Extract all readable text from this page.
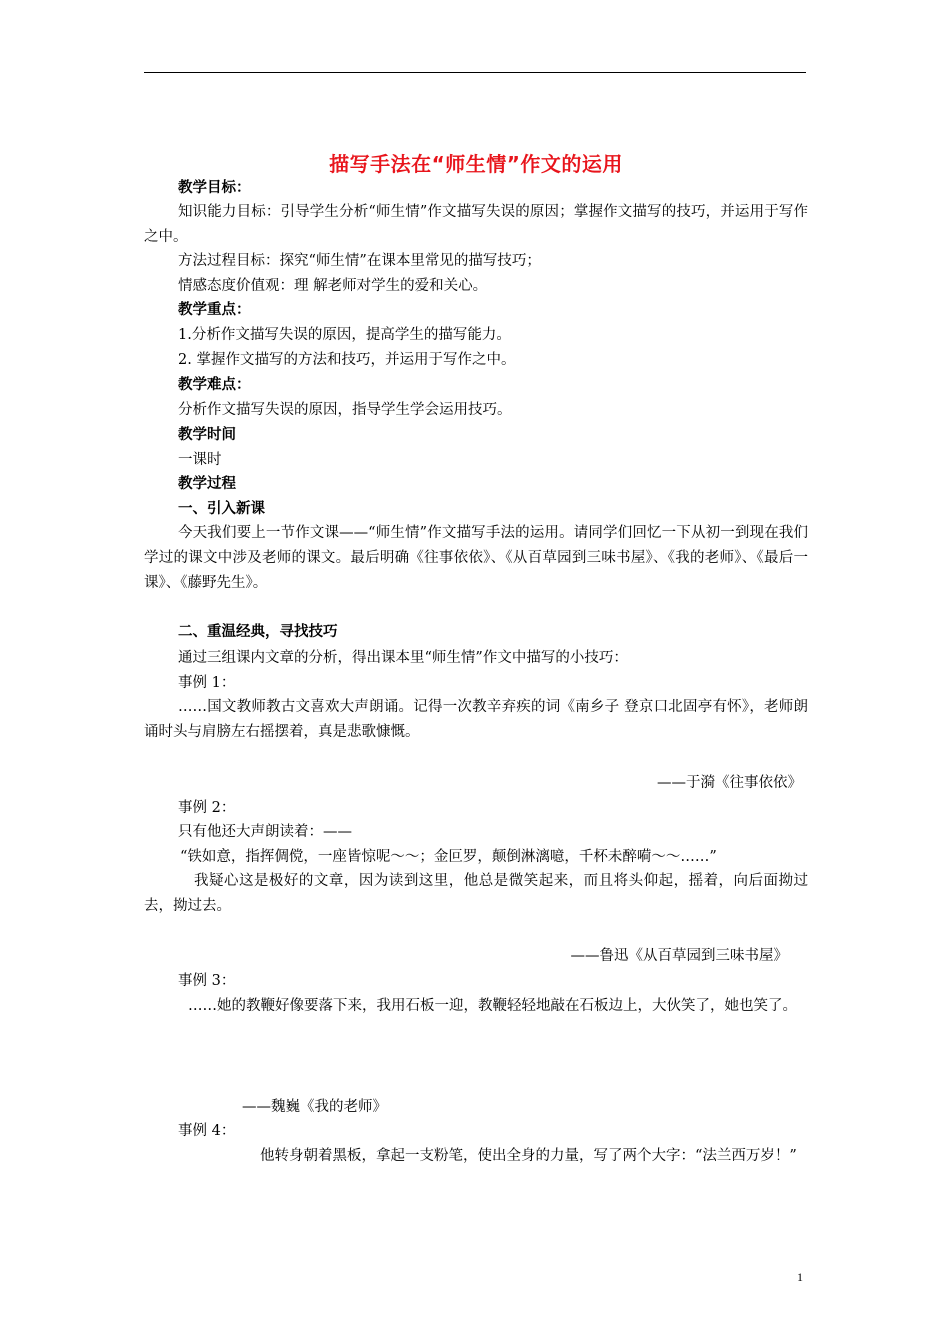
描写手法在“师生情”作文的运用
教学目标：
知识能力目标：引导学生分析“师生情”作文描写失误的原因；掌握作文描写的技巧，并运用于写作之中。
方法过程目标：探究“师生情”在课本里常见的描写技巧；
情感态度价值观：理 解老师对学生的爱和关心。
教学重点：
1.分析作文描写失误的原因，提高学生的描写能力。
2. 掌握作文描写的方法和技巧，并运用于写作之中。
教学难点：
分析作文描写失误的原因，指导学生学会运用技巧。
教学时间
一课时
教学过程
一、引入新课
今天我们要上一节作文课——“师生情”作文描写手法的运用。请同学们回忆一下从初一到现在我们学过的课文中涉及老师的课文。最后明确《往事依依》、《从百草园到三味书屋》、《我的老师》、《最后一课》、《藤野先生》。
二、重温经典，寻找技巧
通过三组课内文章的分析，得出课本里“师生情”作文中描写的小技巧：
事例 1：
……国文教师教古文喜欢大声朗诵。记得一次教辛弃疾的词《南乡子 登京口北固亭有怀》，老师朗诵时头与肩膀左右摇摆着，真是悲歌慷慨。
——于漪《往事依依》
事例 2：
只有他还大声朗读着：——
“铁如意，指挥倜傥，一座皆惊呢～～；金叵罗，颠倒淋漓噫，千杯未醉嗬～～……”
我疑心这是极好的文章，因为读到这里，他总是微笑起来，而且将头仰起，摇着，向后面拗过去，拗过去。
——鲁迅《从百草园到三味书屋》
事例 3：
……她的教鞭好像要落下来，我用石板一迎，教鞭轻轻地敲在石板边上，大伙笑了，她也笑了。
——魏巍《我的老师》
事例 4：
他转身朝着黑板，拿起一支粉笔，使出全身的力量，写了两个大字：“法兰西万岁！”
1
